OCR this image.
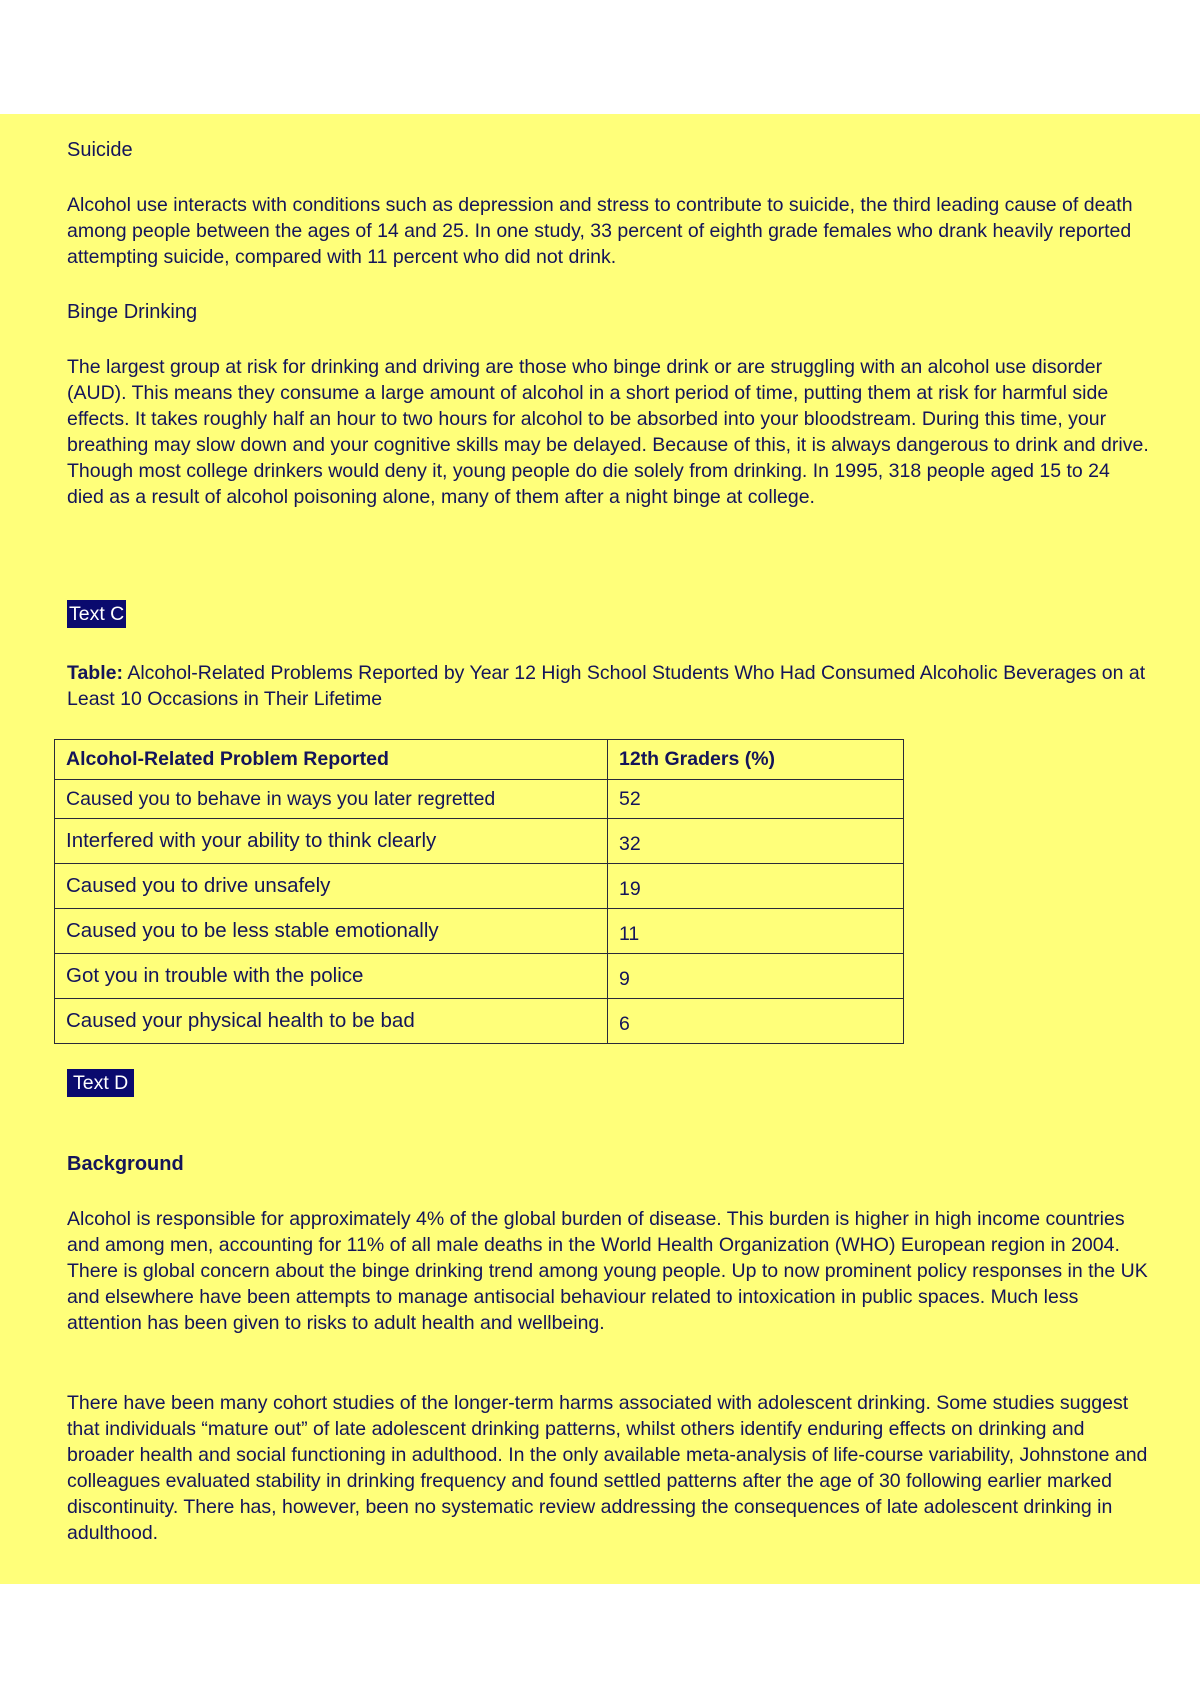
Suicide

Alcohol use interacts with conditions such as depression and stress to contribute to suicide, the third leading cause of death among people between the ages of 14 and 25. In one study, 33 percent of eighth grade females who drank heavily reported attempting suicide, compared with 11 percent who did not drink.

Binge Drinking

The largest group at risk for drinking and driving are those who binge drink or are struggling with an alcohol use disorder (AUD). This means they consume a large amount of alcohol in a short period of time, putting them at risk for harmful side effects. It takes roughly half an hour to two hours for alcohol to be absorbed into your bloodstream. During this time, your breathing may slow down and your cognitive skills may be delayed. Because of this, it is always dangerous to drink and drive. Though most college drinkers would deny it, young people do die solely from drinking. In 1995, 318 people aged 15 to 24 died as a result of alcohol poisoning alone, many of them after a night binge at college.

Text C

Table: Alcohol-Related Problems Reported by Year 12 High School Students Who Had Consumed Alcoholic Beverages on at Least 10 Occasions in Their Lifetime

Alcohol-Related Problem Reported	12th Graders (%)
Caused you to behave in ways you later regretted	52
Interfered with your ability to think clearly	32
Caused you to drive unsafely	19
Caused you to be less stable emotionally	11
Got you in trouble with the police	9
Caused your physical health to be bad	6
Text D

Background

Alcohol is responsible for approximately 4% of the global burden of disease. This burden is higher in high income countries and among men, accounting for 11% of all male deaths in the World Health Organization (WHO) European region in 2004. There is global concern about the binge drinking trend among young people. Up to now prominent policy responses in the UK and elsewhere have been attempts to manage antisocial behaviour related to intoxication in public spaces. Much less attention has been given to risks to adult health and wellbeing.

There have been many cohort studies of the longer-term harms associated with adolescent drinking. Some studies suggest that individuals “mature out” of late adolescent drinking patterns, whilst others identify enduring effects on drinking and broader health and social functioning in adulthood. In the only available meta-analysis of life-course variability, Johnstone and colleagues evaluated stability in drinking frequency and found settled patterns after the age of 30 following earlier marked discontinuity. There has, however, been no systematic review addressing the consequences of late adolescent drinking in adulthood.
